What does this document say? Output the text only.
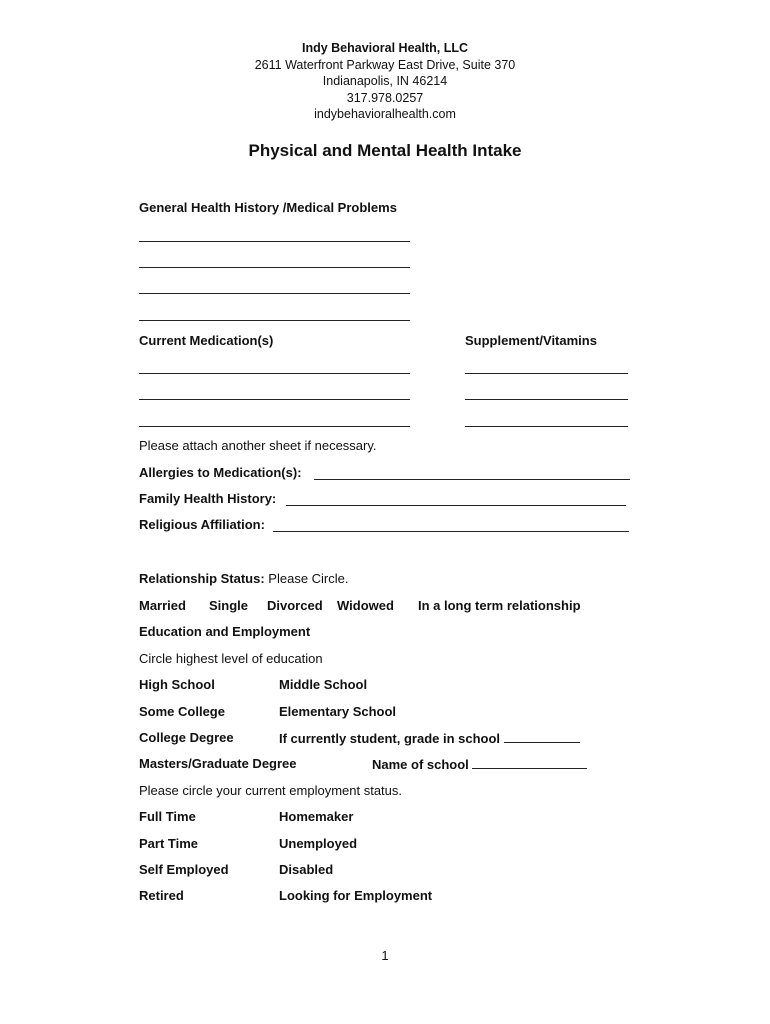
Indy Behavioral Health, LLC
2611 Waterfront Parkway East Drive, Suite 370
Indianapolis, IN 46214
317.978.0257
indybehavioralhealth.com
Physical and Mental Health Intake
General Health History /Medical Problems
Current Medication(s)	Supplement/Vitamins
Please attach another sheet if necessary.
Allergies to Medication(s):
Family Health History:
Religious Affiliation:
Relationship Status: Please Circle.
Married Single Divorced Widowed In a long term relationship
Education and Employment
Circle highest level of education
High School	Middle School
Some College	Elementary School
College Degree	If currently student, grade in school
Masters/Graduate Degree	Name of school
Please circle your current employment status.
Full Time	Homemaker
Part Time	Unemployed
Self Employed	Disabled
Retired	Looking for Employment
1
